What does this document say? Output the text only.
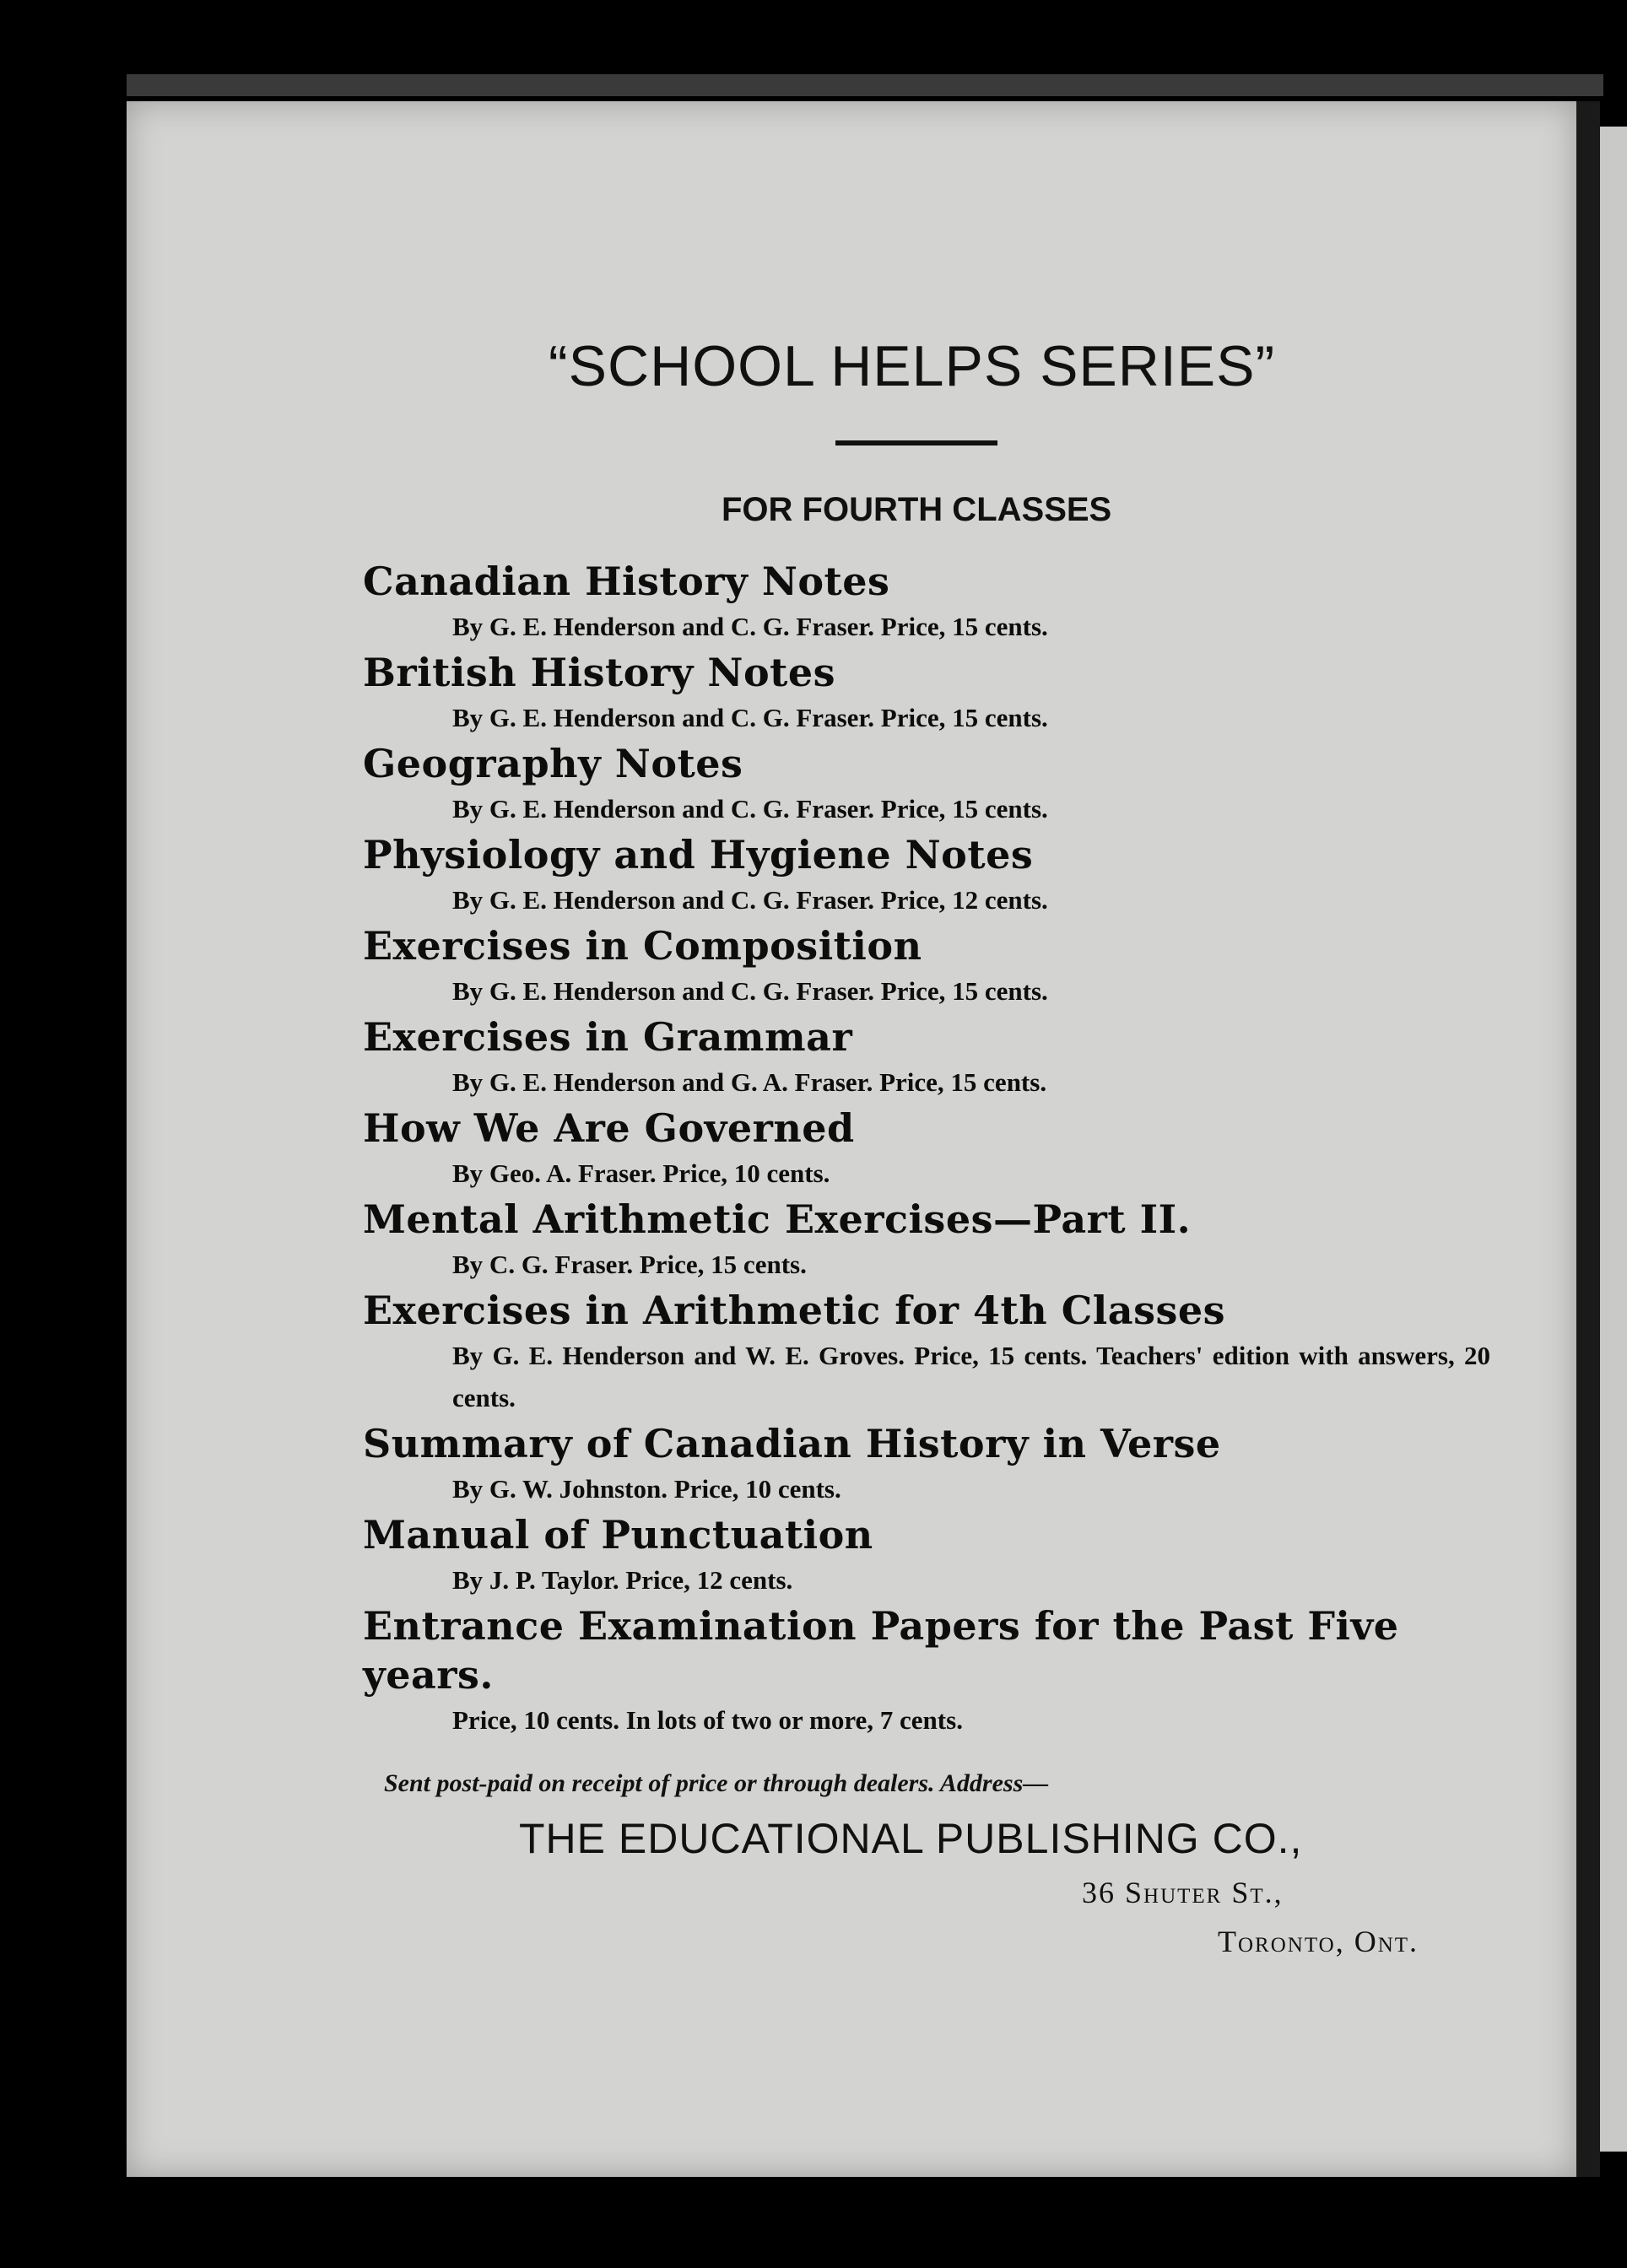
“SCHOOL HELPS SERIES”
FOR FOURTH CLASSES
Canadian History Notes
By G. E. Henderson and C. G. Fraser. Price, 15 cents.
British History Notes
By G. E. Henderson and C. G. Fraser. Price, 15 cents.
Geography Notes
By G. E. Henderson and C. G. Fraser. Price, 15 cents.
Physiology and Hygiene Notes
By G. E. Henderson and C. G. Fraser. Price, 12 cents.
Exercises in Composition
By G. E. Henderson and C. G. Fraser. Price, 15 cents.
Exercises in Grammar
By G. E. Henderson and G. A. Fraser. Price, 15 cents.
How We Are Governed
By Geo. A. Fraser. Price, 10 cents.
Mental Arithmetic Exercises—Part II.
By C. G. Fraser. Price, 15 cents.
Exercises in Arithmetic for 4th Classes
By G. E. Henderson and W. E. Groves. Price, 15 cents. Teachers' edition with answers, 20 cents.
Summary of Canadian History in Verse
By G. W. Johnston. Price, 10 cents.
Manual of Punctuation
By J. P. Taylor. Price, 12 cents.
Entrance Examination Papers for the Past Five years.
Price, 10 cents. In lots of two or more, 7 cents.
Sent post-paid on receipt of price or through dealers. Address—
THE EDUCATIONAL PUBLISHING CO.,
36 Shuter St.,
Toronto, Ont.
